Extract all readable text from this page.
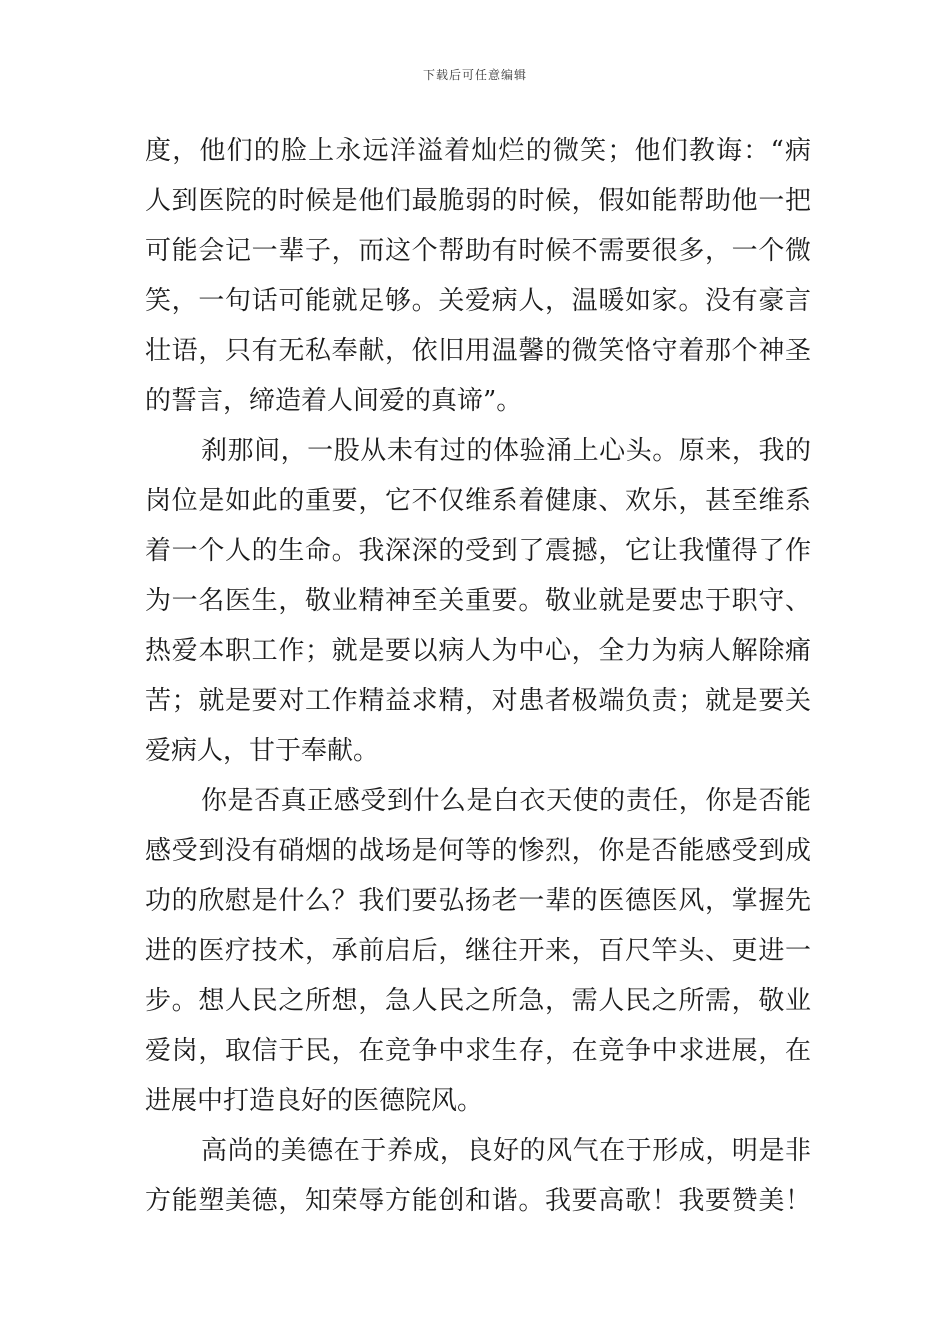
下载后可任意编辑
度，他们的脸上永远洋溢着灿烂的微笑；他们教诲：“病
人到医院的时候是他们最脆弱的时候，假如能帮助他一把
可能会记一辈子，而这个帮助有时候不需要很多，一个微
笑，一句话可能就足够。关爱病人，温暖如家。没有豪言
壮语，只有无私奉献，依旧用温馨的微笑恪守着那个神圣
的誓言，缔造着人间爱的真谛”。
刹那间，一股从未有过的体验涌上心头。原来，我的
岗位是如此的重要，它不仅维系着健康、欢乐，甚至维系
着一个人的生命。我深深的受到了震撼，它让我懂得了作
为一名医生，敬业精神至关重要。敬业就是要忠于职守、
热爱本职工作；就是要以病人为中心，全力为病人解除痛
苦；就是要对工作精益求精，对患者极端负责；就是要关
爱病人，甘于奉献。
你是否真正感受到什么是白衣天使的责任，你是否能
感受到没有硝烟的战场是何等的惨烈，你是否能感受到成
功的欣慰是什么？我们要弘扬老一辈的医德医风，掌握先
进的医疗技术，承前启后，继往开来，百尺竿头、更进一
步。想人民之所想，急人民之所急，需人民之所需，敬业
爱岗，取信于民，在竞争中求生存，在竞争中求进展，在
进展中打造良好的医德院风。
高尚的美德在于养成，良好的风气在于形成，明是非
方能塑美德，知荣辱方能创和谐。我要高歌！我要赞美！
